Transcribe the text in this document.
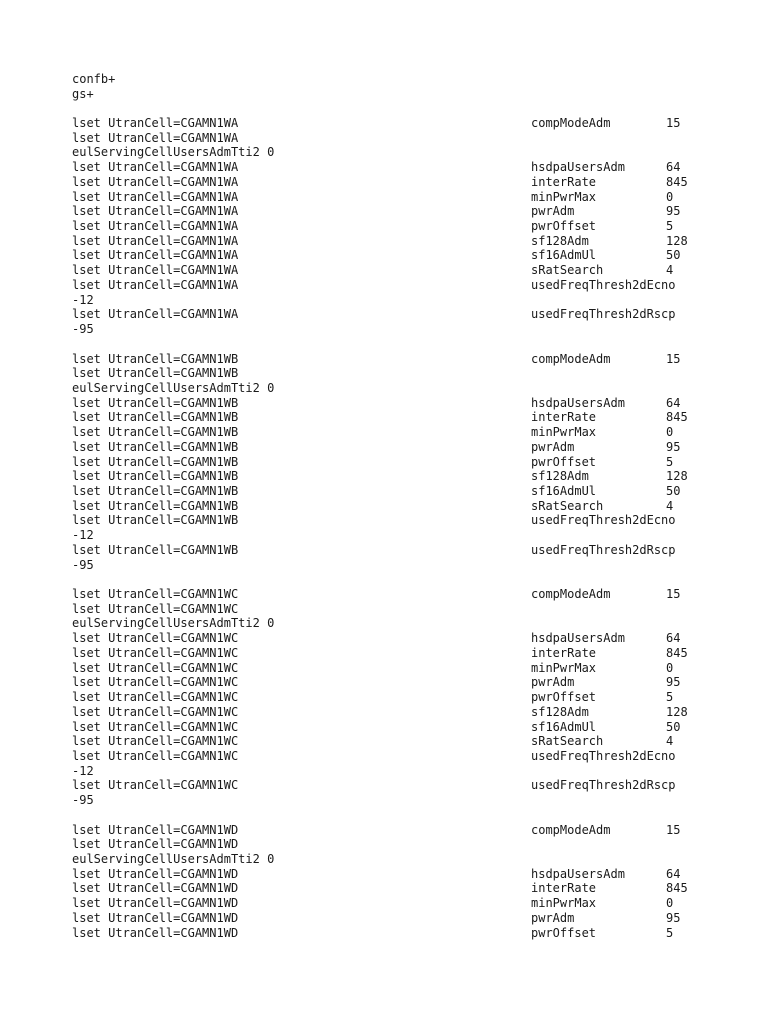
confb+
gs+
lset UtranCell=CGAMN1WA	compModeAdm	15
lset UtranCell=CGAMN1WA
eulServingCellUsersAdmTti2 0
lset UtranCell=CGAMN1WA	hsdpaUsersAdm	64
lset UtranCell=CGAMN1WA	interRate	845
lset UtranCell=CGAMN1WA	minPwrMax	0
lset UtranCell=CGAMN1WA	pwrAdm	95
lset UtranCell=CGAMN1WA	pwrOffset	5
lset UtranCell=CGAMN1WA	sf128Adm	128
lset UtranCell=CGAMN1WA	sf16AdmUl	50
lset UtranCell=CGAMN1WA	sRatSearch	4
lset UtranCell=CGAMN1WA	usedFreqThresh2dEcno
-12
lset UtranCell=CGAMN1WA	usedFreqThresh2dRscp
-95
lset UtranCell=CGAMN1WB	compModeAdm	15
lset UtranCell=CGAMN1WB
eulServingCellUsersAdmTti2 0
lset UtranCell=CGAMN1WB	hsdpaUsersAdm	64
lset UtranCell=CGAMN1WB	interRate	845
lset UtranCell=CGAMN1WB	minPwrMax	0
lset UtranCell=CGAMN1WB	pwrAdm	95
lset UtranCell=CGAMN1WB	pwrOffset	5
lset UtranCell=CGAMN1WB	sf128Adm	128
lset UtranCell=CGAMN1WB	sf16AdmUl	50
lset UtranCell=CGAMN1WB	sRatSearch	4
lset UtranCell=CGAMN1WB	usedFreqThresh2dEcno
-12
lset UtranCell=CGAMN1WB	usedFreqThresh2dRscp
-95
lset UtranCell=CGAMN1WC	compModeAdm	15
lset UtranCell=CGAMN1WC
eulServingCellUsersAdmTti2 0
lset UtranCell=CGAMN1WC	hsdpaUsersAdm	64
lset UtranCell=CGAMN1WC	interRate	845
lset UtranCell=CGAMN1WC	minPwrMax	0
lset UtranCell=CGAMN1WC	pwrAdm	95
lset UtranCell=CGAMN1WC	pwrOffset	5
lset UtranCell=CGAMN1WC	sf128Adm	128
lset UtranCell=CGAMN1WC	sf16AdmUl	50
lset UtranCell=CGAMN1WC	sRatSearch	4
lset UtranCell=CGAMN1WC	usedFreqThresh2dEcno
-12
lset UtranCell=CGAMN1WC	usedFreqThresh2dRscp
-95
lset UtranCell=CGAMN1WD	compModeAdm	15
lset UtranCell=CGAMN1WD
eulServingCellUsersAdmTti2 0
lset UtranCell=CGAMN1WD	hsdpaUsersAdm	64
lset UtranCell=CGAMN1WD	interRate	845
lset UtranCell=CGAMN1WD	minPwrMax	0
lset UtranCell=CGAMN1WD	pwrAdm	95
lset UtranCell=CGAMN1WD	pwrOffset	5
